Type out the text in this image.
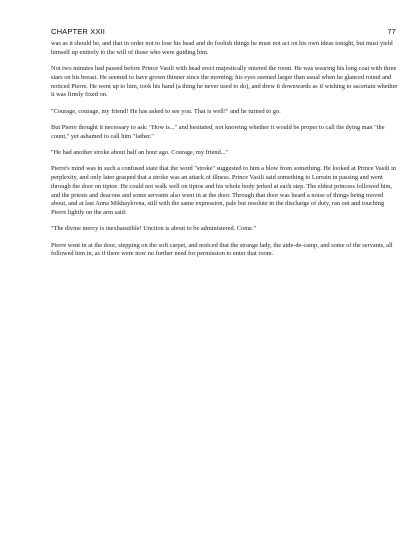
CHAPTER XXII	77

was as it should be, and that in order not to lose his head and do foolish things he must not act on his own ideas tonight, but must yield himself up entirely to the will of those who were guiding him.

Not two minutes had passed before Prince Vasili with head erect majestically entered the room. He was wearing his long coat with three stars on his breast. He seemed to have grown thinner since the morning; his eyes seemed larger than usual when he glanced round and noticed Pierre. He went up to him, took his hand (a thing he never used to do), and drew it downwards as if wishing to ascertain whether it was firmly fixed on.

"Courage, courage, my friend! He has asked to see you. That is well!" and he turned to go.

But Pierre thought it necessary to ask: "How is..." and hesitated, not knowing whether it would be proper to call the dying man "the count," yet ashamed to call him "father."

"He had another stroke about half an hour ago. Courage, my friend..."

Pierre's mind was in such a confused state that the word "stroke" suggested to him a blow from something. He looked at Prince Vasili in perplexity, and only later grasped that a stroke was an attack of illness. Prince Vasili said something to Lorrain in passing and went through the door on tiptoe. He could not walk well on tiptoe and his whole body jerked at each step. The eldest princess followed him, and the priests and deacons and some servants also went in at the door. Through that door was heard a noise of things being moved about, and at last Anna Mikhaylovna, still with the same expression, pale but resolute in the discharge of duty, ran out and touching Pierre lightly on the arm said:

"The divine mercy is inexhaustible! Unction is about to be administered. Come."

Pierre went in at the door, stepping on the soft carpet, and noticed that the strange lady, the aide-de-camp, and some of the servants, all followed him in, as if there were now no further need for permission to enter that room.
